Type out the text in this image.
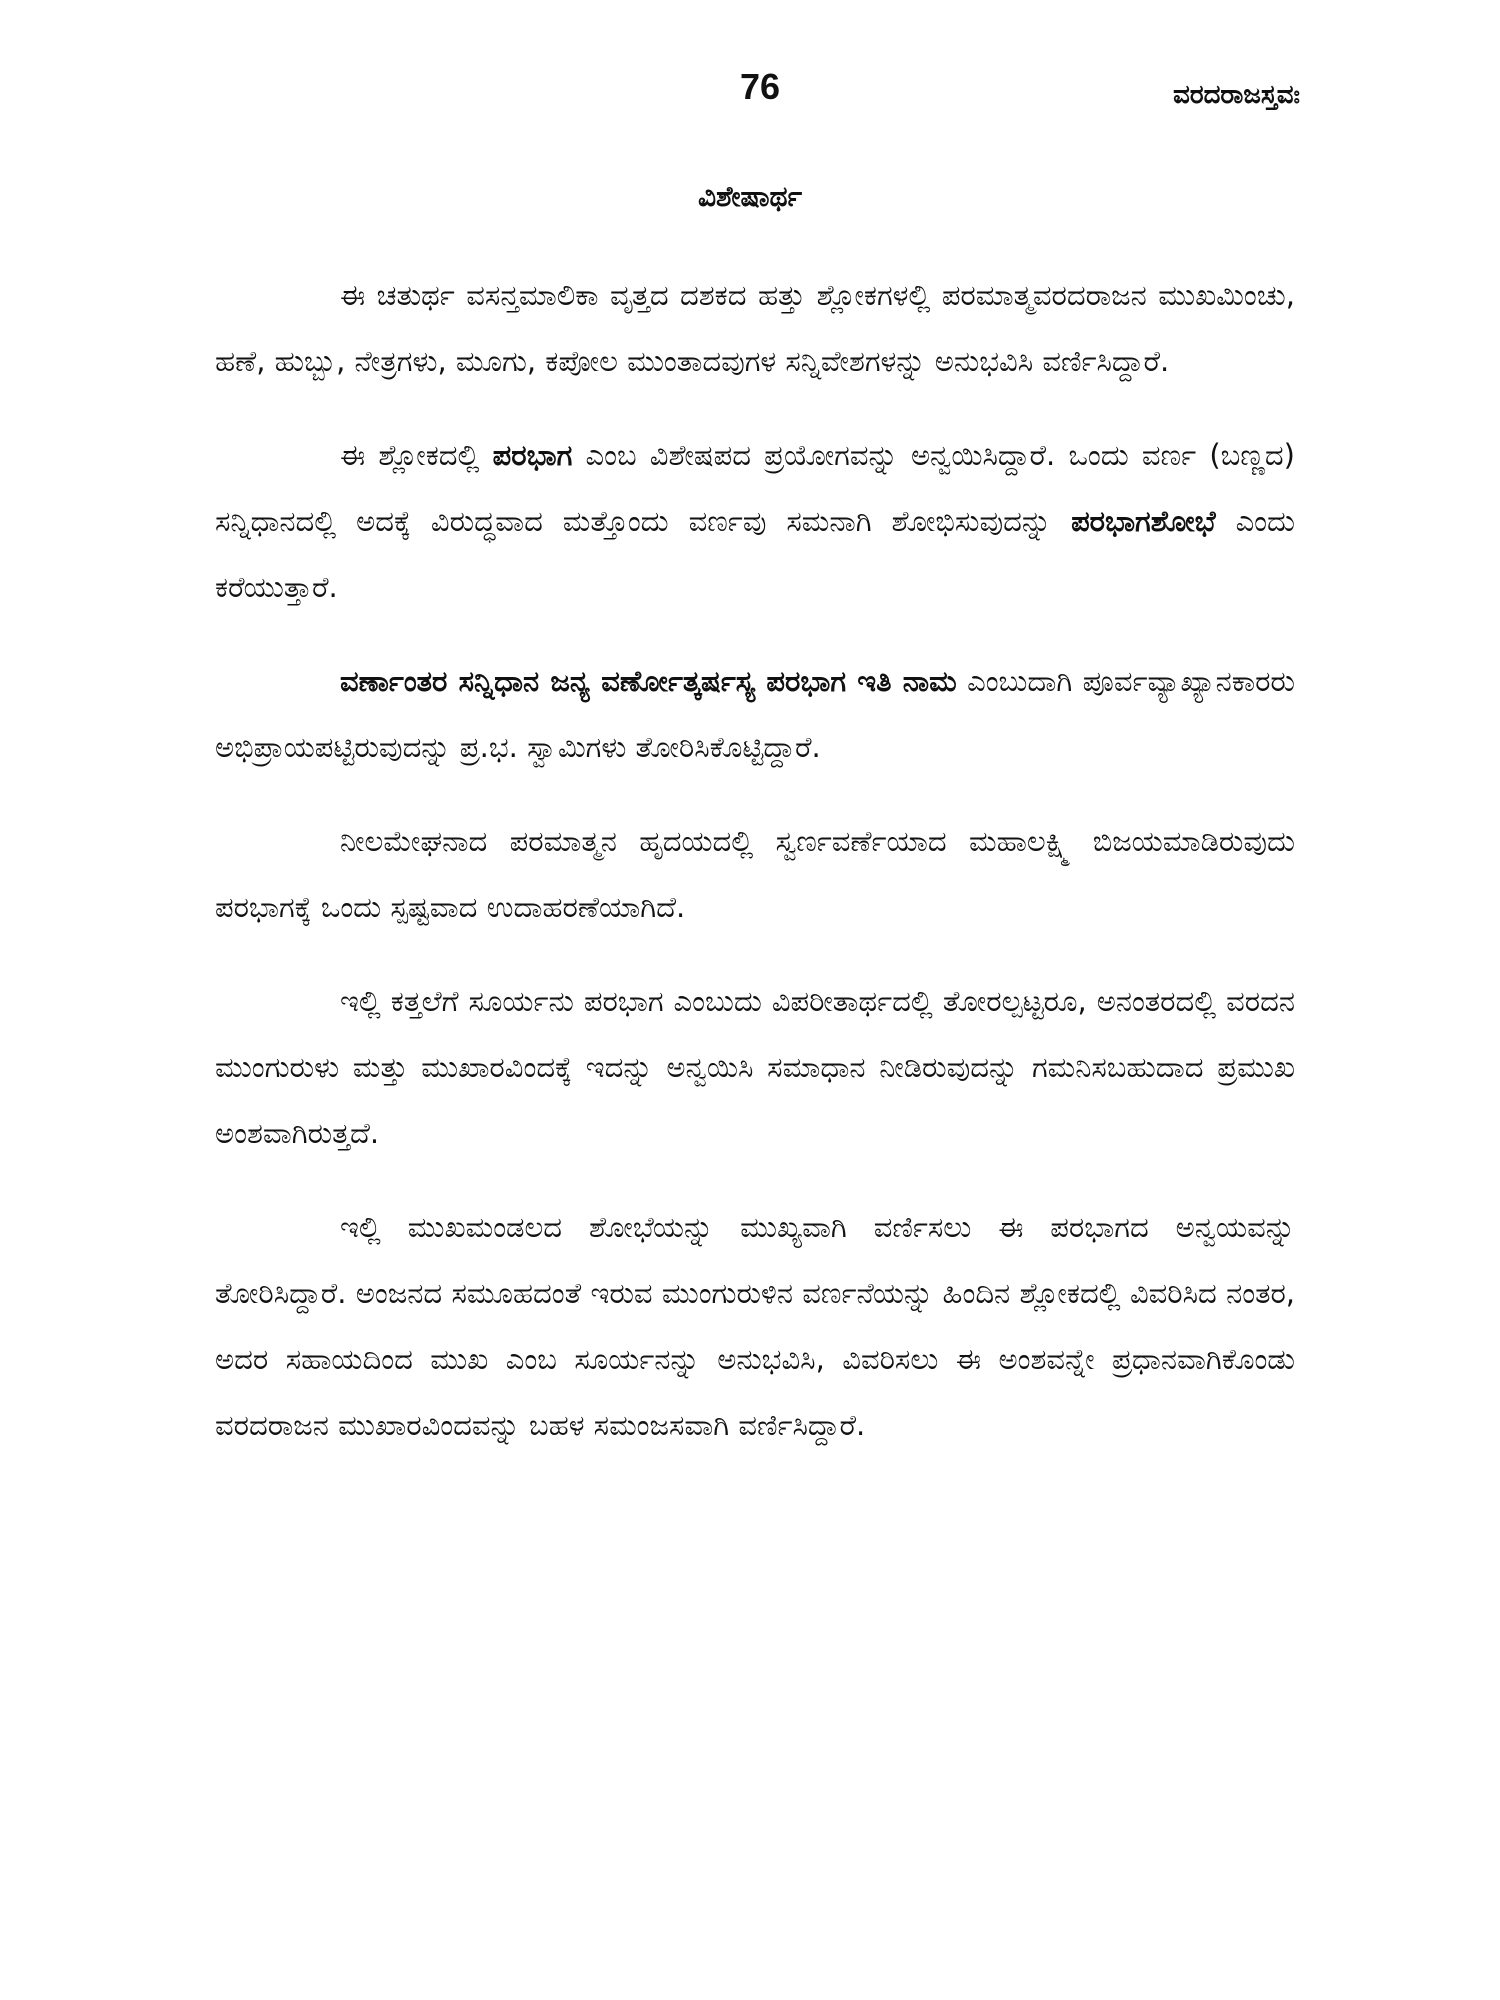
76	ವರದರಾಜಸ್ತವಃ
ವಿಶೇಷಾರ್ಥ

ಈ ಚತುರ್ಥ ವಸನ್ತಮಾಲಿಕಾ ವೃತ್ತದ ದಶಕದ ಹತ್ತು ಶ್ಲೋಕಗಳಲ್ಲಿ ಪರಮಾತ್ಮವರದರಾಜನ ಮುಖಮಿಂಚು, ಹಣೆ, ಹುಬ್ಬು, ನೇತ್ರಗಳು, ಮೂಗು, ಕಪೋಲ ಮುಂತಾದವುಗಳ ಸನ್ನಿವೇಶಗಳನ್ನು ಅನುಭವಿಸಿ ವರ್ಣಿಸಿದ್ದಾರೆ.

ಈ ಶ್ಲೋಕದಲ್ಲಿ ಪರಭಾಗ ಎಂಬ ವಿಶೇಷಪದ ಪ್ರಯೋಗವನ್ನು ಅನ್ವಯಿಸಿದ್ದಾರೆ. ಒಂದು ವರ್ಣ (ಬಣ್ಣದ) ಸನ್ನಿಧಾನದಲ್ಲಿ ಅದಕ್ಕೆ ವಿರುದ್ಧವಾದ ಮತ್ತೊಂದು ವರ್ಣವು ಸಮನಾಗಿ ಶೋಭಿಸುವುದನ್ನು ಪರಭಾಗಶೋಭೆ ಎಂದು ಕರೆಯುತ್ತಾರೆ.

ವರ್ಣಾಂತರ ಸನ್ನಿಧಾನ ಜನ್ಯ ವರ್ಣೋತ್ಕರ್ಷಸ್ಯ ಪರಭಾಗ ಇತಿ ನಾಮ ಎಂಬುದಾಗಿ ಪೂರ್ವವ್ಯಾಖ್ಯಾನಕಾರರು ಅಭಿಪ್ರಾಯಪಟ್ಟಿರುವುದನ್ನು ಪ್ರ.ಭ. ಸ್ವಾಮಿಗಳು ತೋರಿಸಿಕೊಟ್ಟಿದ್ದಾರೆ.

ನೀಲಮೇಘನಾದ ಪರಮಾತ್ಮನ ಹೃದಯದಲ್ಲಿ ಸ್ವರ್ಣವರ್ಣೆಯಾದ ಮಹಾಲಕ್ಷ್ಮಿ ಬಿಜಯಮಾಡಿರುವುದು ಪರಭಾಗಕ್ಕೆ ಒಂದು ಸ್ಪಷ್ಟವಾದ ಉದಾಹರಣೆಯಾಗಿದೆ.

ಇಲ್ಲಿ ಕತ್ತಲೆಗೆ ಸೂರ್ಯನು ಪರಭಾಗ ಎಂಬುದು ವಿಪರೀತಾರ್ಥದಲ್ಲಿ ತೋರಲ್ಪಟ್ಟರೂ, ಅನಂತರದಲ್ಲಿ ವರದನ ಮುಂಗುರುಳು ಮತ್ತು ಮುಖಾರವಿಂದಕ್ಕೆ ಇದನ್ನು ಅನ್ವಯಿಸಿ ಸಮಾಧಾನ ನೀಡಿರುವುದನ್ನು ಗಮನಿಸಬಹುದಾದ ಪ್ರಮುಖ ಅಂಶವಾಗಿರುತ್ತದೆ.

ಇಲ್ಲಿ ಮುಖಮಂಡಲದ ಶೋಭೆಯನ್ನು ಮುಖ್ಯವಾಗಿ ವರ್ಣಿಸಲು ಈ ಪರಭಾಗದ ಅನ್ವಯವನ್ನು ತೋರಿಸಿದ್ದಾರೆ. ಅಂಜನದ ಸಮೂಹದಂತೆ ಇರುವ ಮುಂಗುರುಳಿನ ವರ್ಣನೆಯನ್ನು ಹಿಂದಿನ ಶ್ಲೋಕದಲ್ಲಿ ವಿವರಿಸಿದ ನಂತರ, ಅದರ ಸಹಾಯದಿಂದ ಮುಖ ಎಂಬ ಸೂರ್ಯನನ್ನು ಅನುಭವಿಸಿ, ವಿವರಿಸಲು ಈ ಅಂಶವನ್ನೇ ಪ್ರಧಾನವಾಗಿಕೊಂಡು ವರದರಾಜನ ಮುಖಾರವಿಂದವನ್ನು ಬಹಳ ಸಮಂಜಸವಾಗಿ ವರ್ಣಿಸಿದ್ದಾರೆ.
